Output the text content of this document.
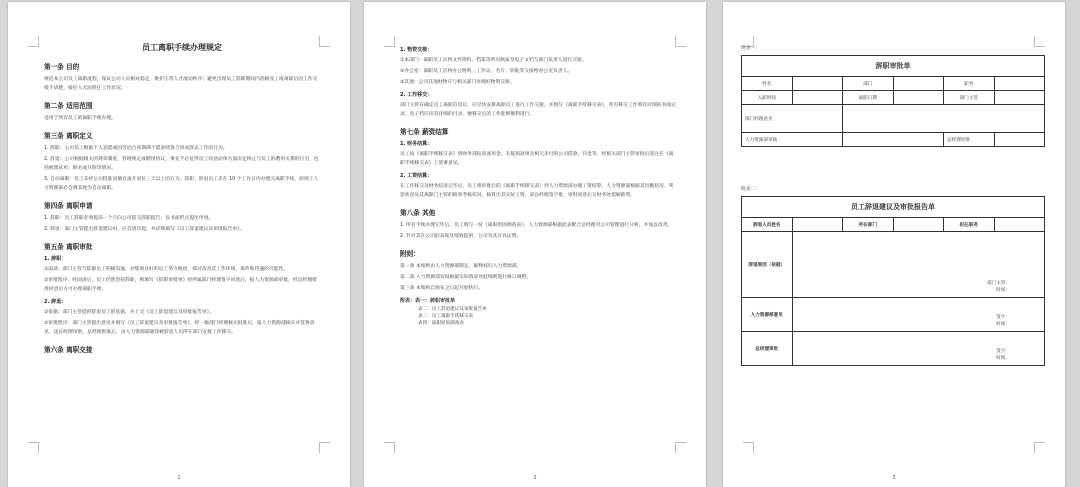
员工离职手续办理规定
第一条 目的
规范本公司员工离职流程，保证公司人员相对稳定，维护正常人才流动秩序；避免出现员工辞职期间内消极及工或离职后因工作交接不清楚，接任人无法胜任工作状况。
第二条 适用范围
适用于所有员工的离职手续办理。
第三条 离职定义
1. 辞职：公司员工根据个人意愿或因劳动合同期满不愿意续签合同而辞去工作的行为。
2. 辞退：公司根据相关的规章制度、管理规定或聘用协议，事先不必征得员工同意而单方面决定终止与员工的聘用关系的行为，包括被派试用、除名或开除等情况。
3. 自动离职：员工未经公司批准而擅自离开岗位三天以上的行为。辞职、辞退员工未在 10 个工作日内办理完离职手续，原则上人力资源部必会将其视为自动离职。
第四条 离职申请
1. 辞职：员工辞职必须提前一个月向公司提交辞职报告，以书面形式提出申请。
2. 辞退：部门主管提出辞退建议时，应首请首提，并详细填写《员工辞退建议及审批报告单》。
第五条 离职审批
1. 辞职：
①面谈：部门主管与辞职员工积极沟通，对绩效良好的员工努力挽留，探讨改善其工作环境、条件和待遇的可能性。
②审批程序：经面谈后，员工仍然坚持辞职，则填写《辞职审批单》经所属部门经理签字同意后，报人力资源部审批，经总经理批准同意后方可办理离职手续。
2. 辞退：
①依据：部门主管提供辞退员工的依据，并上交《员工辞退建议及审批报告单》。
②审批程序：部门主管提出意见并填写《员工辞退建议及审批报告单》，经一级部门经理核实批准后，报人力资源部核实并签署意见，送总经理审批，总经理批准后，由人力资源部通知被辞退人员所在部门安排工作移交。
第六条 离职交接
1
1. 物资交接：
①本部门：离职员工应将文件资料、档案等所有纸质及电子文档与部门负责人进行交接。
②办公室：离职员工应将办公物资、工作证、名片、钥匙等交接给办公室负责人。
③其他：公司其他财物应与相关部门办理好物资交接。
2. 工作移交：
部门主管在确定员工离职信息后，应尽快安排离职员工进行工作交接，并填写《离职手续移交表》，所有移交工作须有详细的书面记录，电子档应该有详细的目录，便移交后的工作能够顺利进行。
第七条 薪资结算
1. 财务结算：
员工按《离职手续移交表》到财务部结清备用金、未报销款项及相欠未付的公司借款、罚金等，经相关部门主管审批后签注在《离职手续移交表》上签署意见。
2. 工资结算：
在工作移交及财务结清完毕后，员工将审批后的《离职手续移交表》到人力资源部办理工资结算，人力资源部根据其出勤状况、奖惩状况及其离职门主管的绩效考核状况，核算出其实际工资，拿总经理签字批，审批同意后交财务处提解薪资。
第八条 其他
1. 所有手续办理完毕后，员工填写一份《离职原因调查表》，人力资源部根据此表配合总经理对公司管理进行分析，并加以改善。
2. 针对其在公司的表现及绩效提供，公司为其开具证明。
附则：
第一条 本细则由人力资源部制定，解释权归人力资源部。
第二条 人力资源部有权根据实际情况对此细则进行修订调整。
第三条 本细则自颁布之日起开始执行。
附表：表一：辞职审批单
表二：员工辞退建议及审批报告单
表三：员工离职手续移交表
表四：离职原因调查表
2
附表一：
辞职审批单					
姓名		部门		职务	
入职时间		离职日期		部门主管	
部门经理意见					
人力资源部审核				总经理审批	
附表二：
员工辞退建议及审批报告单					
辞退人员姓名		所在部门		担任职务	
辞退原因（依据）	部门主管：
时间：				

人力资源部意见	签字：
时间：				

总经理审批	签字：
时间：				
3
